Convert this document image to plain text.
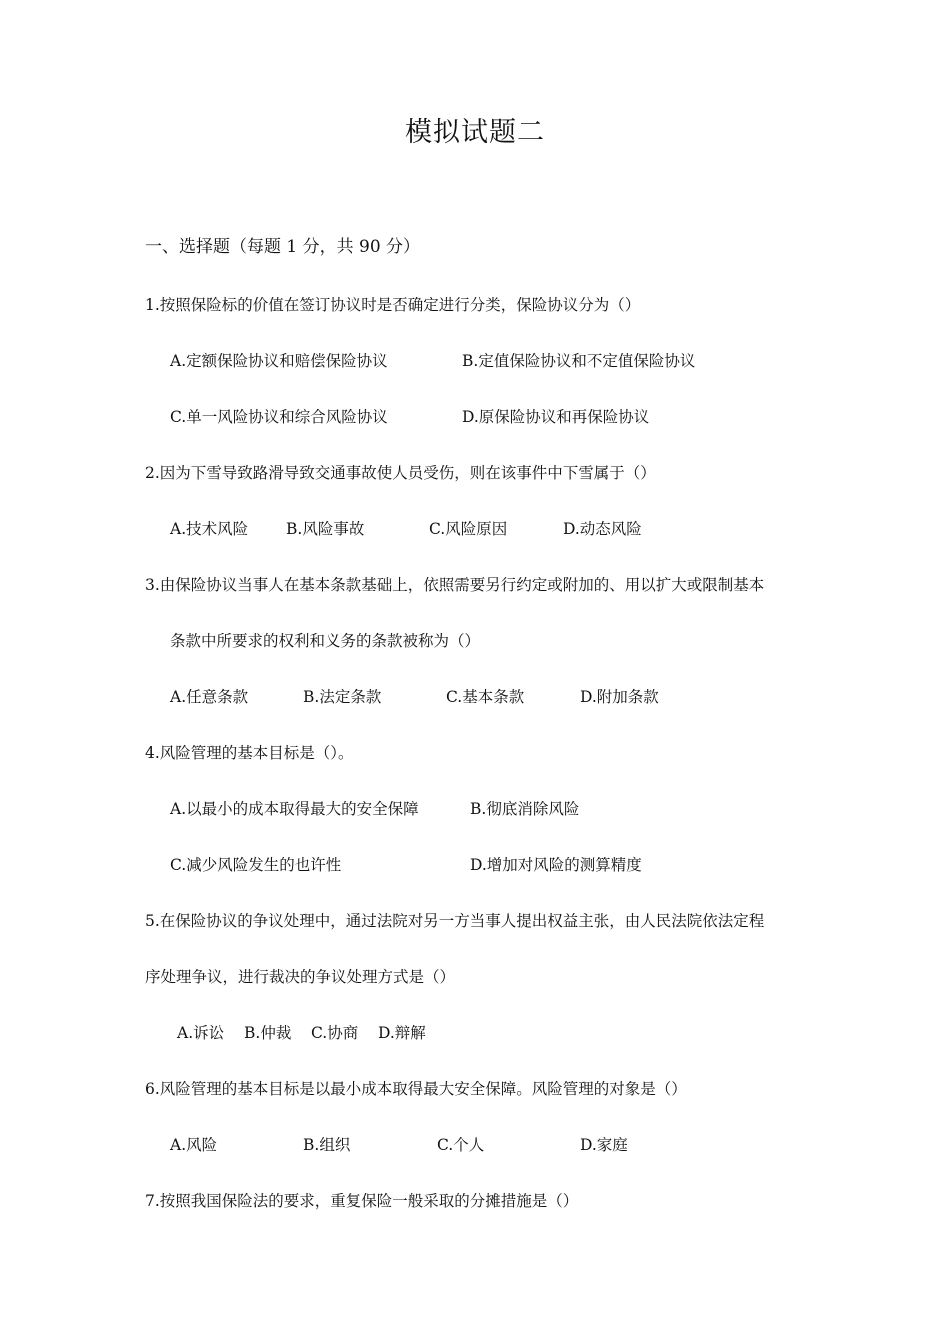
模拟试题二
一、选择题（每题 1 分，共 90 分）
1.按照保险标的价值在签订协议时是否确定进行分类，保险协议分为（）
A.定额保险协议和赔偿保险协议	B.定值保险协议和不定值保险协议
C.单一风险协议和综合风险协议	D.原保险协议和再保险协议
2.因为下雪导致路滑导致交通事故使人员受伤，则在该事件中下雪属于（）
A.技术风险 B.风险事故	C.风险原因	D.动态风险
3.由保险协议当事人在基本条款基础上，依照需要另行约定或附加的、用以扩大或限制基本
条款中所要求的权利和义务的条款被称为（）
A.任意条款	B.法定条款	C.基本条款	D.附加条款
4.风险管理的基本目标是（）。
A.以最小的成本取得最大的安全保障	B.彻底消除风险
C.减少风险发生的也许性	D.增加对风险的测算精度
5.在保险协议的争议处理中，通过法院对另一方当事人提出权益主张，由人民法院依法定程
序处理争议，进行裁决的争议处理方式是（）
A.诉讼 B.仲裁 C.协商 D.辩解
6.风险管理的基本目标是以最小成本取得最大安全保障。风险管理的对象是（）
A.风险	B.组织	C.个人	D.家庭
7.按照我国保险法的要求，重复保险一般采取的分摊措施是（）
